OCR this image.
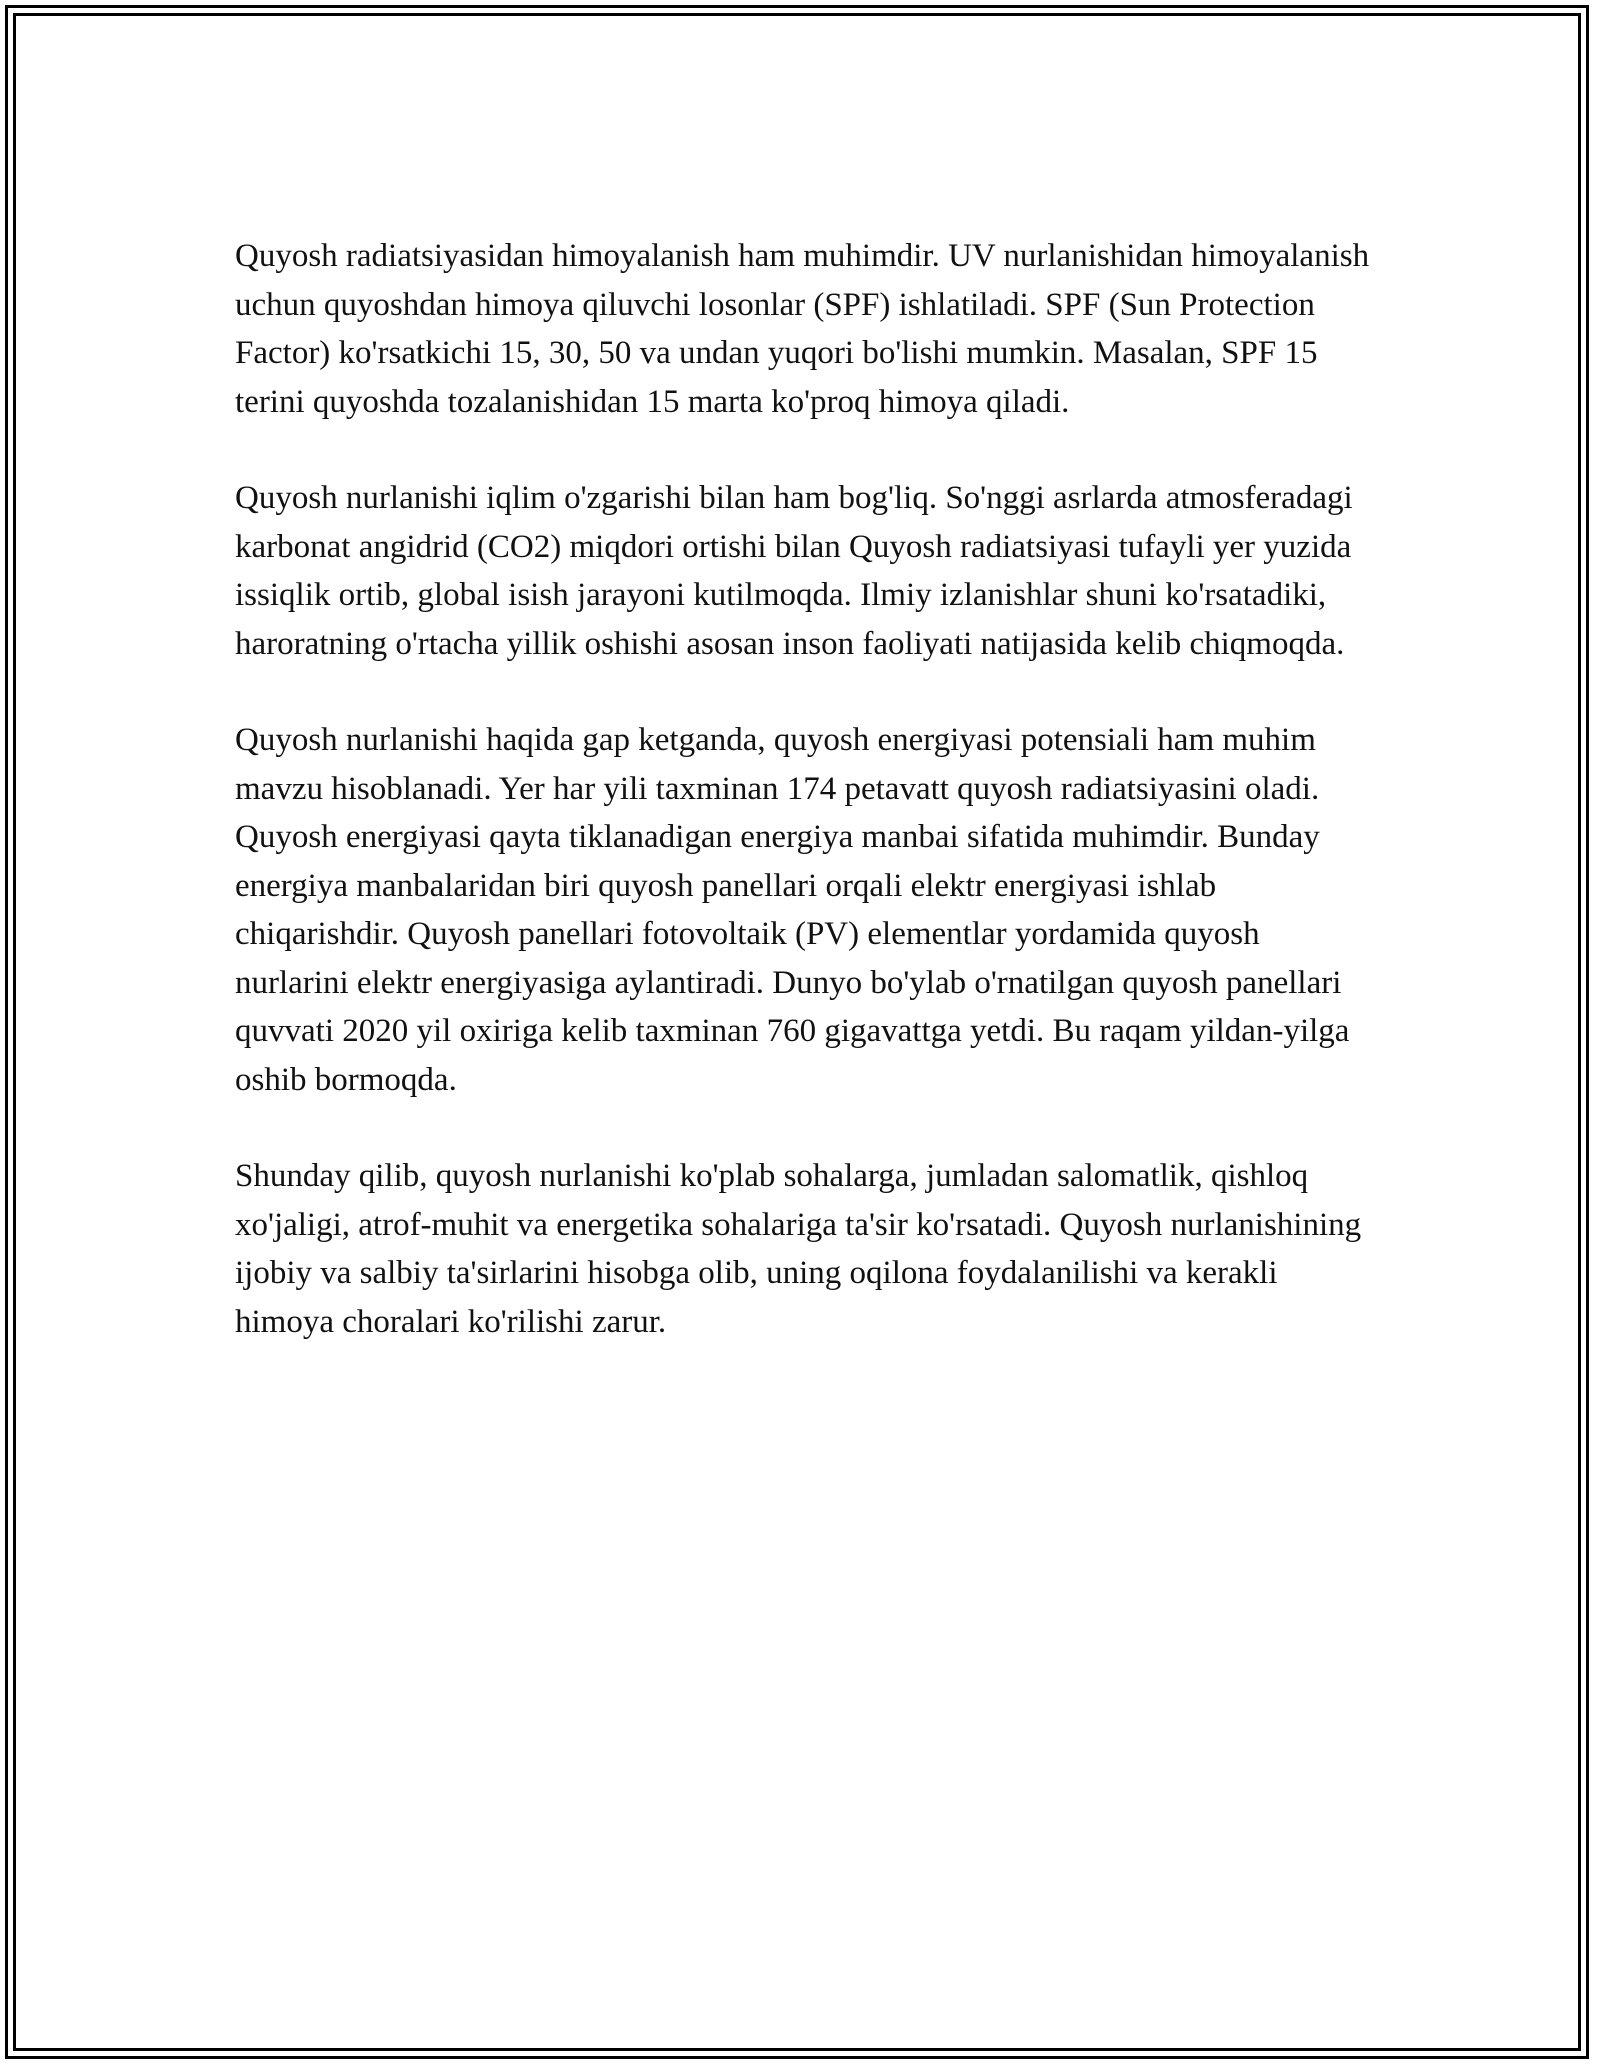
Quyosh radiatsiyasidan himoyalanish ham muhimdir. UV nurlanishidan himoyalanish uchun quyoshdan himoya qiluvchi losonlar (SPF) ishlatiladi. SPF (Sun Protection Factor) ko'rsatkichi 15, 30, 50 va undan yuqori bo'lishi mumkin. Masalan, SPF 15 terini quyoshda tozalanishidan 15 marta ko'proq himoya qiladi.

Quyosh nurlanishi iqlim o'zgarishi bilan ham bog'liq. So'nggi asrlarda atmosferadagi karbonat angidrid (CO2) miqdori ortishi bilan Quyosh radiatsiyasi tufayli yer yuzida issiqlik ortib, global isish jarayoni kutilmoqda. Ilmiy izlanishlar shuni ko'rsatadiki, haroratning o'rtacha yillik oshishi asosan inson faoliyati natijasida kelib chiqmoqda.

Quyosh nurlanishi haqida gap ketganda, quyosh energiyasi potensiali ham muhim mavzu hisoblanadi. Yer har yili taxminan 174 petavatt quyosh radiatsiyasini oladi. Quyosh energiyasi qayta tiklanadigan energiya manbai sifatida muhimdir. Bunday energiya manbalaridan biri quyosh panellari orqali elektr energiyasi ishlab chiqarishdir. Quyosh panellari fotovoltaik (PV) elementlar yordamida quyosh nurlarini elektr energiyasiga aylantiradi. Dunyo bo'ylab o'rnatilgan quyosh panellari quvvati 2020 yil oxiriga kelib taxminan 760 gigavattga yetdi. Bu raqam yildan-yilga oshib bormoqda.

Shunday qilib, quyosh nurlanishi ko'plab sohalarga, jumladan salomatlik, qishloq xo'jaligi, atrof-muhit va energetika sohalariga ta'sir ko'rsatadi. Quyosh nurlanishining ijobiy va salbiy ta'sirlarini hisobga olib, uning oqilona foydalanilishi va kerakli himoya choralari ko'rilishi zarur.
